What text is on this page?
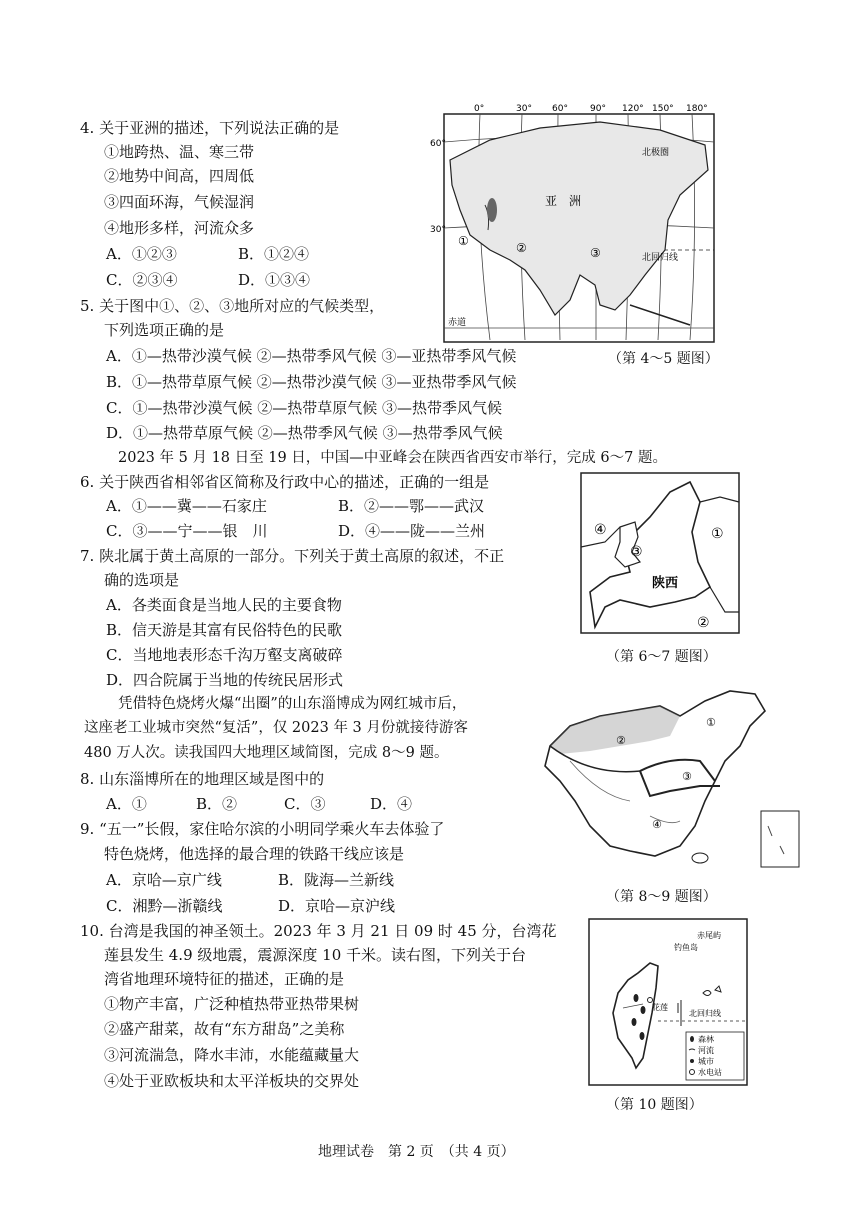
4. 关于亚洲的描述，下列说法正确的是
①地跨热、温、寒三带
②地势中间高，四周低
③四面环海，气候湿润
④地形多样，河流众多
A．①②③	B．①②④
C．②③④	D．①③④
5. 关于图中①、②、③地所对应的气候类型，
下列选项正确的是
A．①—热带沙漠气候 ②—热带季风气候 ③—亚热带季风气候
B．①—热带草原气候 ②—热带沙漠气候 ③—亚热带季风气候
C．①—热带沙漠气候 ②—热带草原气候 ③—热带季风气候
D．①—热带草原气候 ②—热带季风气候 ③—热带季风气候
0°	30° 60° 90° 120° 150° 180°
60°
30°
亚　洲
北极圈
北回归线
赤道
①	②	③
（第 4～5 题图）
2023 年 5 月 18 日至 19 日，中国—中亚峰会在陕西省西安市举行，完成 6～7 题。
6. 关于陕西省相邻省区简称及行政中心的描述，正确的一组是
A．①——冀——石家庄	B．②——鄂——武汉
C．③——宁——银　川	D．④——陇——兰州
7. 陕北属于黄土高原的一部分。下列关于黄土高原的叙述，不正
确的选项是
A．各类面食是当地人民的主要食物
B．信天游是其富有民俗特色的民歌
C．当地地表形态千沟万壑支离破碎
D．四合院属于当地的传统民居形式
④
③
①
②
陕西
（第 6～7 题图）
凭借特色烧烤火爆“出圈”的山东淄博成为网红城市后，
这座老工业城市突然“复活”，仅 2023 年 3 月份就接待游客
480 万人次。读我国四大地理区域简图，完成 8～9 题。
8. 山东淄博所在的地理区域是图中的
A．①	B．②	C．③	D．④
9. “五一”长假，家住哈尔滨的小明同学乘火车去体验了
特色烧烤，他选择的最合理的铁路干线应该是
A．京哈—京广线	B．陇海—兰新线
C．湘黔—浙赣线	D．京哈—京沪线
②
③
④
①
（第 8～9 题图）
10. 台湾是我国的神圣领土。2023 年 3 月 21 日 09 时 45 分，台湾花
莲县发生 4.9 级地震，震源深度 10 千米。读右图，下列关于台
湾省地理环境特征的描述，正确的是
①物产丰富，广泛种植热带亚热带果树
②盛产甜菜，故有“东方甜岛”之美称
③河流湍急，降水丰沛，水能蕴藏量大
④处于亚欧板块和太平洋板块的交界处
赤尾屿
钓鱼岛
花莲
北回归线
森林
河流
城市
水电站
（第 10 题图）
地理试卷　第 2 页　（共 4 页）
